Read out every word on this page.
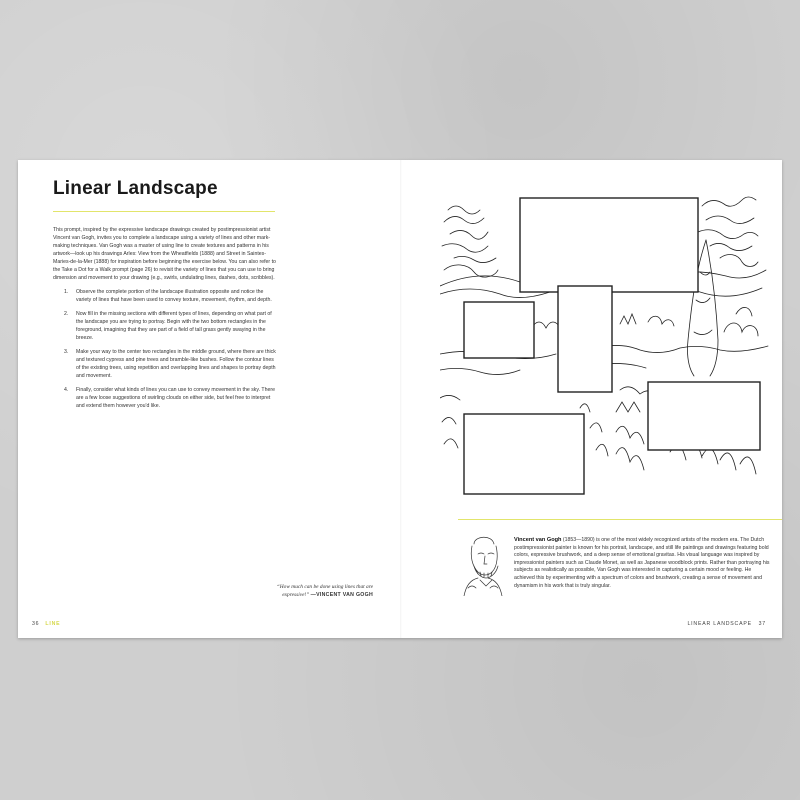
Linear Landscape

This prompt, inspired by the expressive landscape drawings created by postimpressionist artist Vincent van Gogh, invites you to complete a landscape using a variety of lines and other mark-making techniques. Van Gogh was a master of using line to create textures and patterns in his artwork—look up his drawings Arles: View from the Wheatfields (1888) and Street in Saintes-Maries-de-la-Mer (1888) for inspiration before beginning the exercise below. You can also refer to the Take a Dot for a Walk prompt (page 26) to revisit the variety of lines that you can use to bring dimension and movement to your drawing (e.g., swirls, undulating lines, dashes, dots, scribbles).

1. Observe the complete portion of the landscape illustration opposite and notice the variety of lines that have been used to convey texture, movement, rhythm, and depth.
2. Now fill in the missing sections with different types of lines, depending on what part of the landscape you are trying to portray. Begin with the two bottom rectangles in the foreground, imagining that they are part of a field of tall grass gently swaying in the breeze.
3. Make your way to the center two rectangles in the middle ground, where there are thick and textured cypress and pine trees and bramble-like bushes. Follow the contour lines of the existing trees, using repetition and overlapping lines and shapes to portray depth and movement.
4. Finally, consider what kinds of lines you can use to convey movement in the sky. There are a few loose suggestions of swirling clouds on either side, but feel free to interpret and extend them however you'd like.
“How much can be done using lines that are
expressive!” —VINCENT VAN GOGH
36 LINE	LINEAR LANDSCAPE 37
Vincent van Gogh (1853—1890) is one of the most widely recognized artists of the modern era. The Dutch postimpressionist painter is known for his portrait, landscape, and still life paintings and drawings featuring bold colors, expressive brushwork, and a deep sense of emotional gravitas. His visual language was inspired by impressionist painters such as Claude Monet, as well as Japanese woodblock prints. Rather than portraying his subjects as realistically as possible, Van Gogh was interested in capturing a certain mood or feeling. He achieved this by experimenting with a spectrum of colors and brushwork, creating a sense of movement and dynamism in his work that is truly singular.
